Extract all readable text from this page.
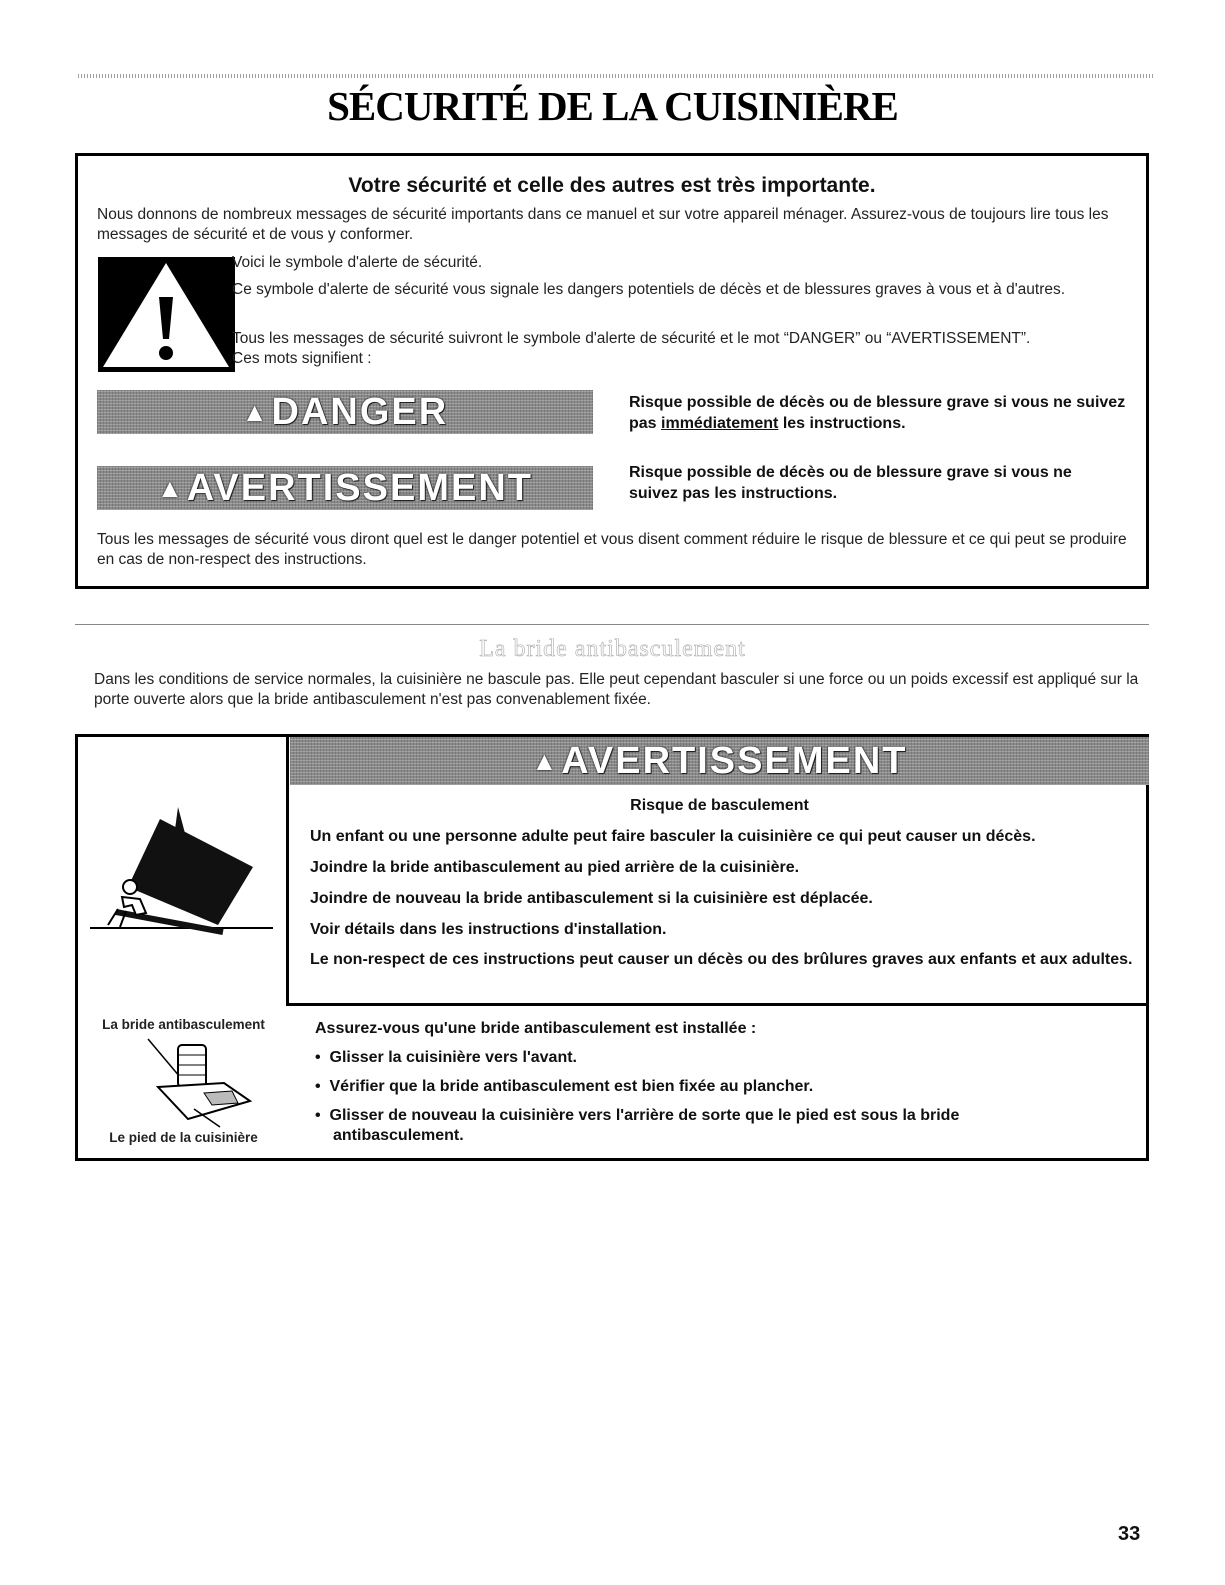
SÉCURITÉ DE LA CUISINIÈRE
Votre sécurité et celle des autres est très importante.
Nous donnons de nombreux messages de sécurité importants dans ce manuel et sur votre appareil ménager. Assurez-vous de toujours lire tous les messages de sécurité et de vous y conformer.
Voici le symbole d'alerte de sécurité.
Ce symbole d'alerte de sécurité vous signale les dangers potentiels de décès et de blessures graves à vous et à d'autres.
Tous les messages de sécurité suivront le symbole d'alerte de sécurité et le mot “DANGER” ou “AVERTISSEMENT”. Ces mots signifient :
▲ DANGER	Risque possible de décès ou de blessure grave si vous ne suivez pas immédiatement les instructions.
▲ AVERTISSEMENT	Risque possible de décès ou de blessure grave si vous ne suivez pas les instructions.
Tous les messages de sécurité vous diront quel est le danger potentiel et vous disent comment réduire le risque de blessure et ce qui peut se produire en cas de non-respect des instructions.
La bride antibasculement
Dans les conditions de service normales, la cuisinière ne bascule pas. Elle peut cependant basculer si une force ou un poids excessif est appliqué sur la porte ouverte alors que la bride antibasculement n'est pas convenablement fixée.
▲ AVERTISSEMENT
Risque de basculement
Un enfant ou une personne adulte peut faire basculer la cuisinière ce qui peut causer un décès.
Joindre la bride antibasculement au pied arrière de la cuisinière.
Joindre de nouveau la bride antibasculement si la cuisinière est déplacée.
Voir détails dans les instructions d'installation.
Le non-respect de ces instructions peut causer un décès ou des brûlures graves aux enfants et aux adultes.
La bride antibasculement
Le pied de la cuisinière
Assurez-vous qu'une bride antibasculement est installée :
• Glisser la cuisinière vers l'avant.
• Vérifier que la bride antibasculement est bien fixée au plancher.
• Glisser de nouveau la cuisinière vers l'arrière de sorte que le pied est sous la bride antibasculement.
33
